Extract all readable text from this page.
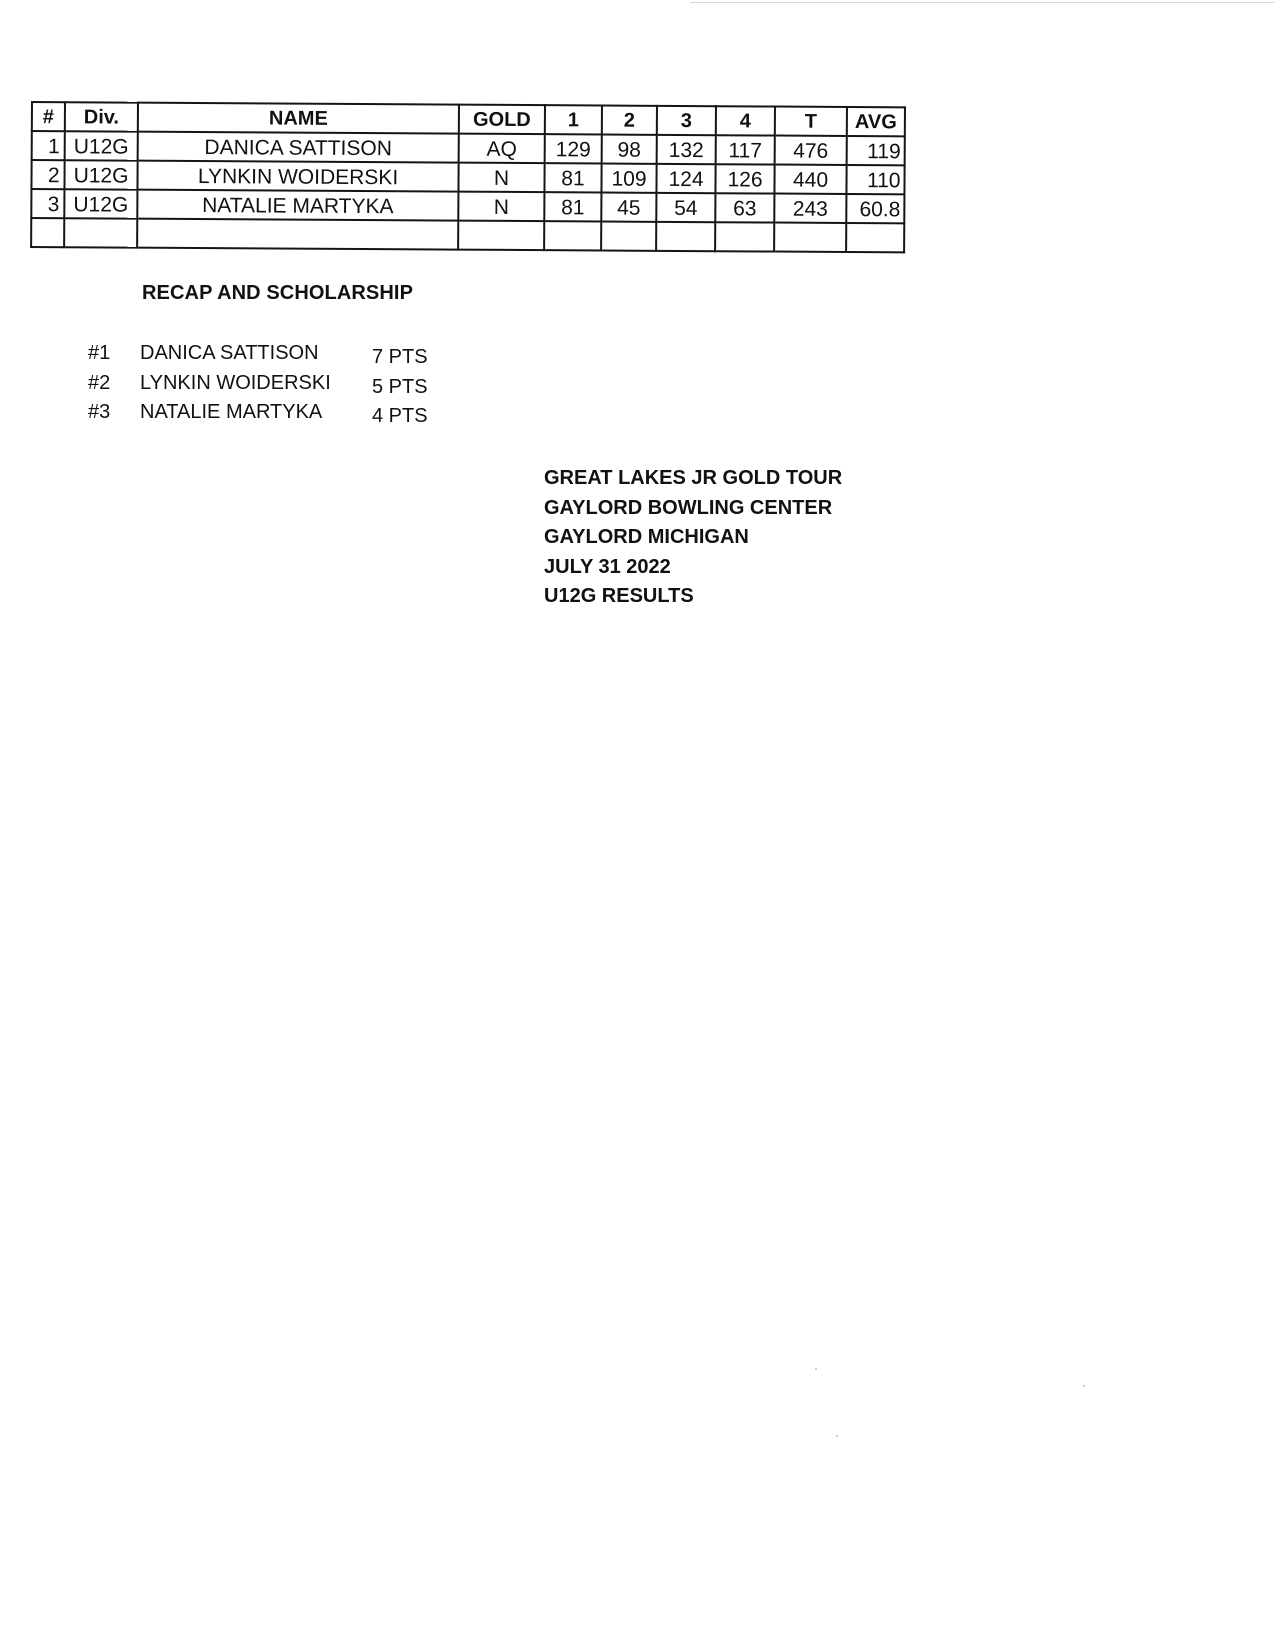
#	Div.	NAME	GOLD	1	2	3	4	T	AVG
1	U12G	DANICA SATTISON	AQ	129	98	132	117	476	119
2	U12G	LYNKIN WOIDERSKI	N	81	109	124	126	440	110
3	U12G	NATALIE MARTYKA	N	81	45	54	63	243	60.8

RECAP AND SCHOLARSHIP
#1 DANICA SATTISON	7 PTS
#2 LYNKIN WOIDERSKI 5 PTS
#3 NATALIE MARTYKA 4 PTS
GREAT LAKES JR GOLD TOUR
GAYLORD BOWLING CENTER
GAYLORD MICHIGAN
JULY 31 2022
U12G RESULTS
